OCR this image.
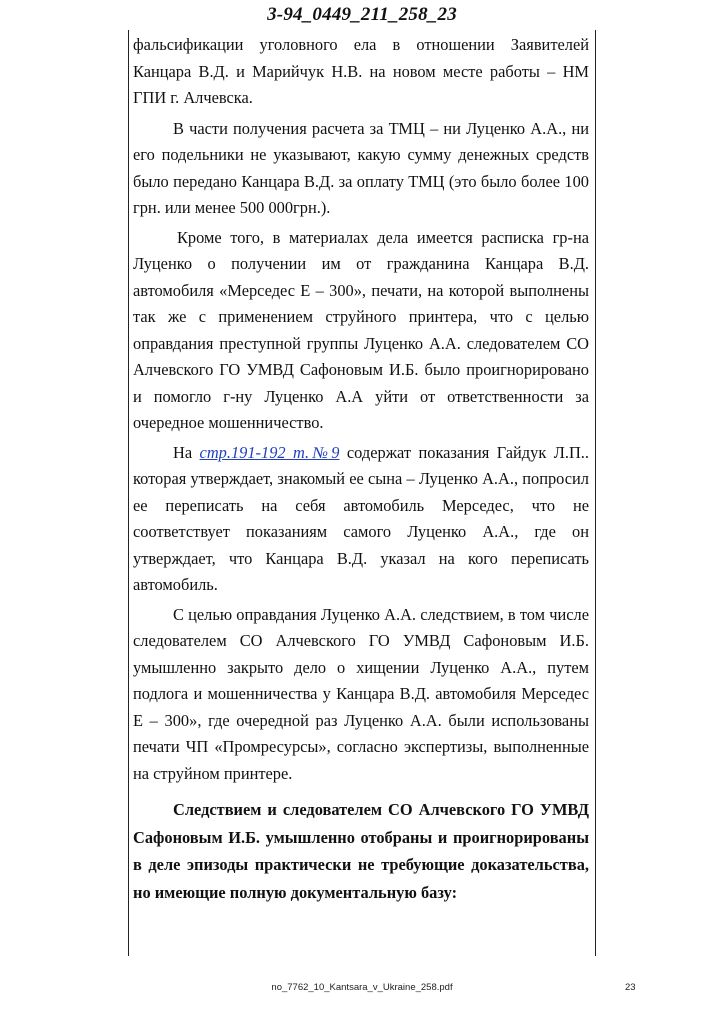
3-94_0449_211_258_23

фальсификации уголовного ела в отношении Заявителей Канцара В.Д. и Марийчук Н.В. на новом месте работы – НМ ГПИ г. Алчевска.

В части получения расчета за ТМЦ – ни Луценко А.А., ни его подельники не указывают, какую сумму денежных средств было передано Канцара В.Д. за оплату ТМЦ (это было более 100 грн. или менее 500 000грн.).

Кроме того, в материалах дела имеется расписка гр-на Луценко о получении им от гражданина Канцара В.Д. автомобиля «Мерседес Е – 300», печати, на которой выполнены так же с применением струйного принтера, что с целью оправдания преступной группы Луценко А.А. следователем СО Алчевского ГО УМВД Сафоновым И.Б. было проигнорировано и помогло г-ну Луценко А.А уйти от ответственности за очередное мошенничество.

На стр.191-192 т.№9 содержат показания Гайдук Л.П.. которая утверждает, знакомый ее сына – Луценко А.А., попросил ее переписать на себя автомобиль Мерседес, что не соответствует показаниям самого Луценко А.А., где он утверждает, что Канцара В.Д. указал на кого переписать автомобиль.

С целью оправдания Луценко А.А. следствием, в том числе следователем СО Алчевского ГО УМВД Сафоновым И.Б. умышленно закрыто дело о хищении Луценко А.А., путем подлога и мошенничества у Канцара В.Д. автомобиля Мерседес Е – 300», где очередной раз Луценко А.А. были использованы печати ЧП «Промресурсы», согласно экспертизы, выполненные на струйном принтере.

Следствием и следователем СО Алчевского ГО УМВД Сафоновым И.Б. умышленно отобраны и проигнорированы в деле эпизоды практически не требующие доказательства, но имеющие полную документальную базу:

no_7762_10_Kantsara_v_Ukraine_258.pdf	23
